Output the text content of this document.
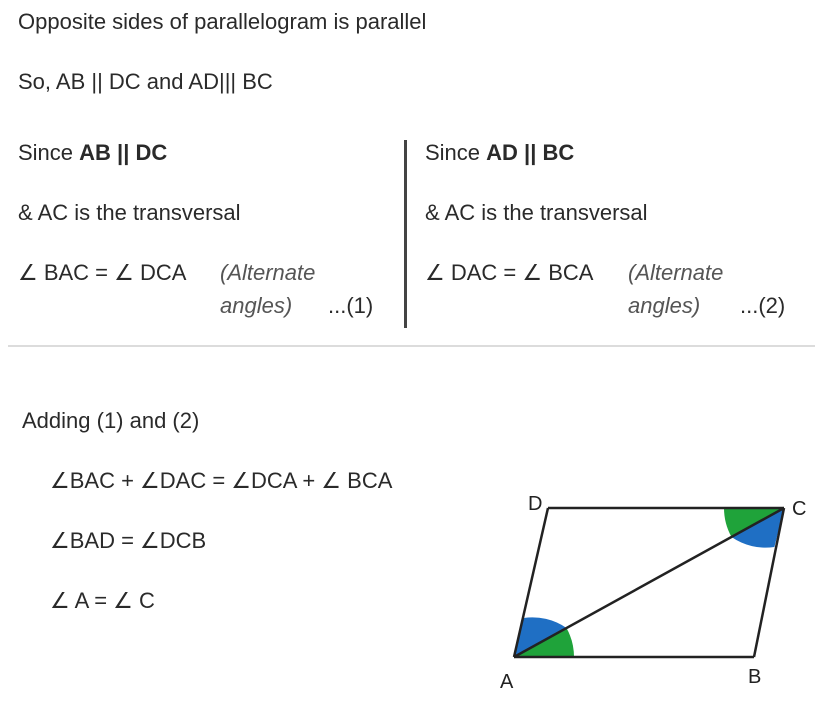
Opposite sides of parallelogram is parallel
So, AB || DC and AD||| BC
Since AB || DC
& AC is the transversal
∠ BAC = ∠ DCA (Alternate
angles) ...(1)
Since AD || BC
& AC is the transversal
∠ DAC = ∠ BCA (Alternate
angles) ...(2)
Adding (1) and (2)
∠BAC + ∠DAC = ∠DCA + ∠ BCA
∠BAD = ∠DCB
∠ A = ∠ C
A	B
C
D
